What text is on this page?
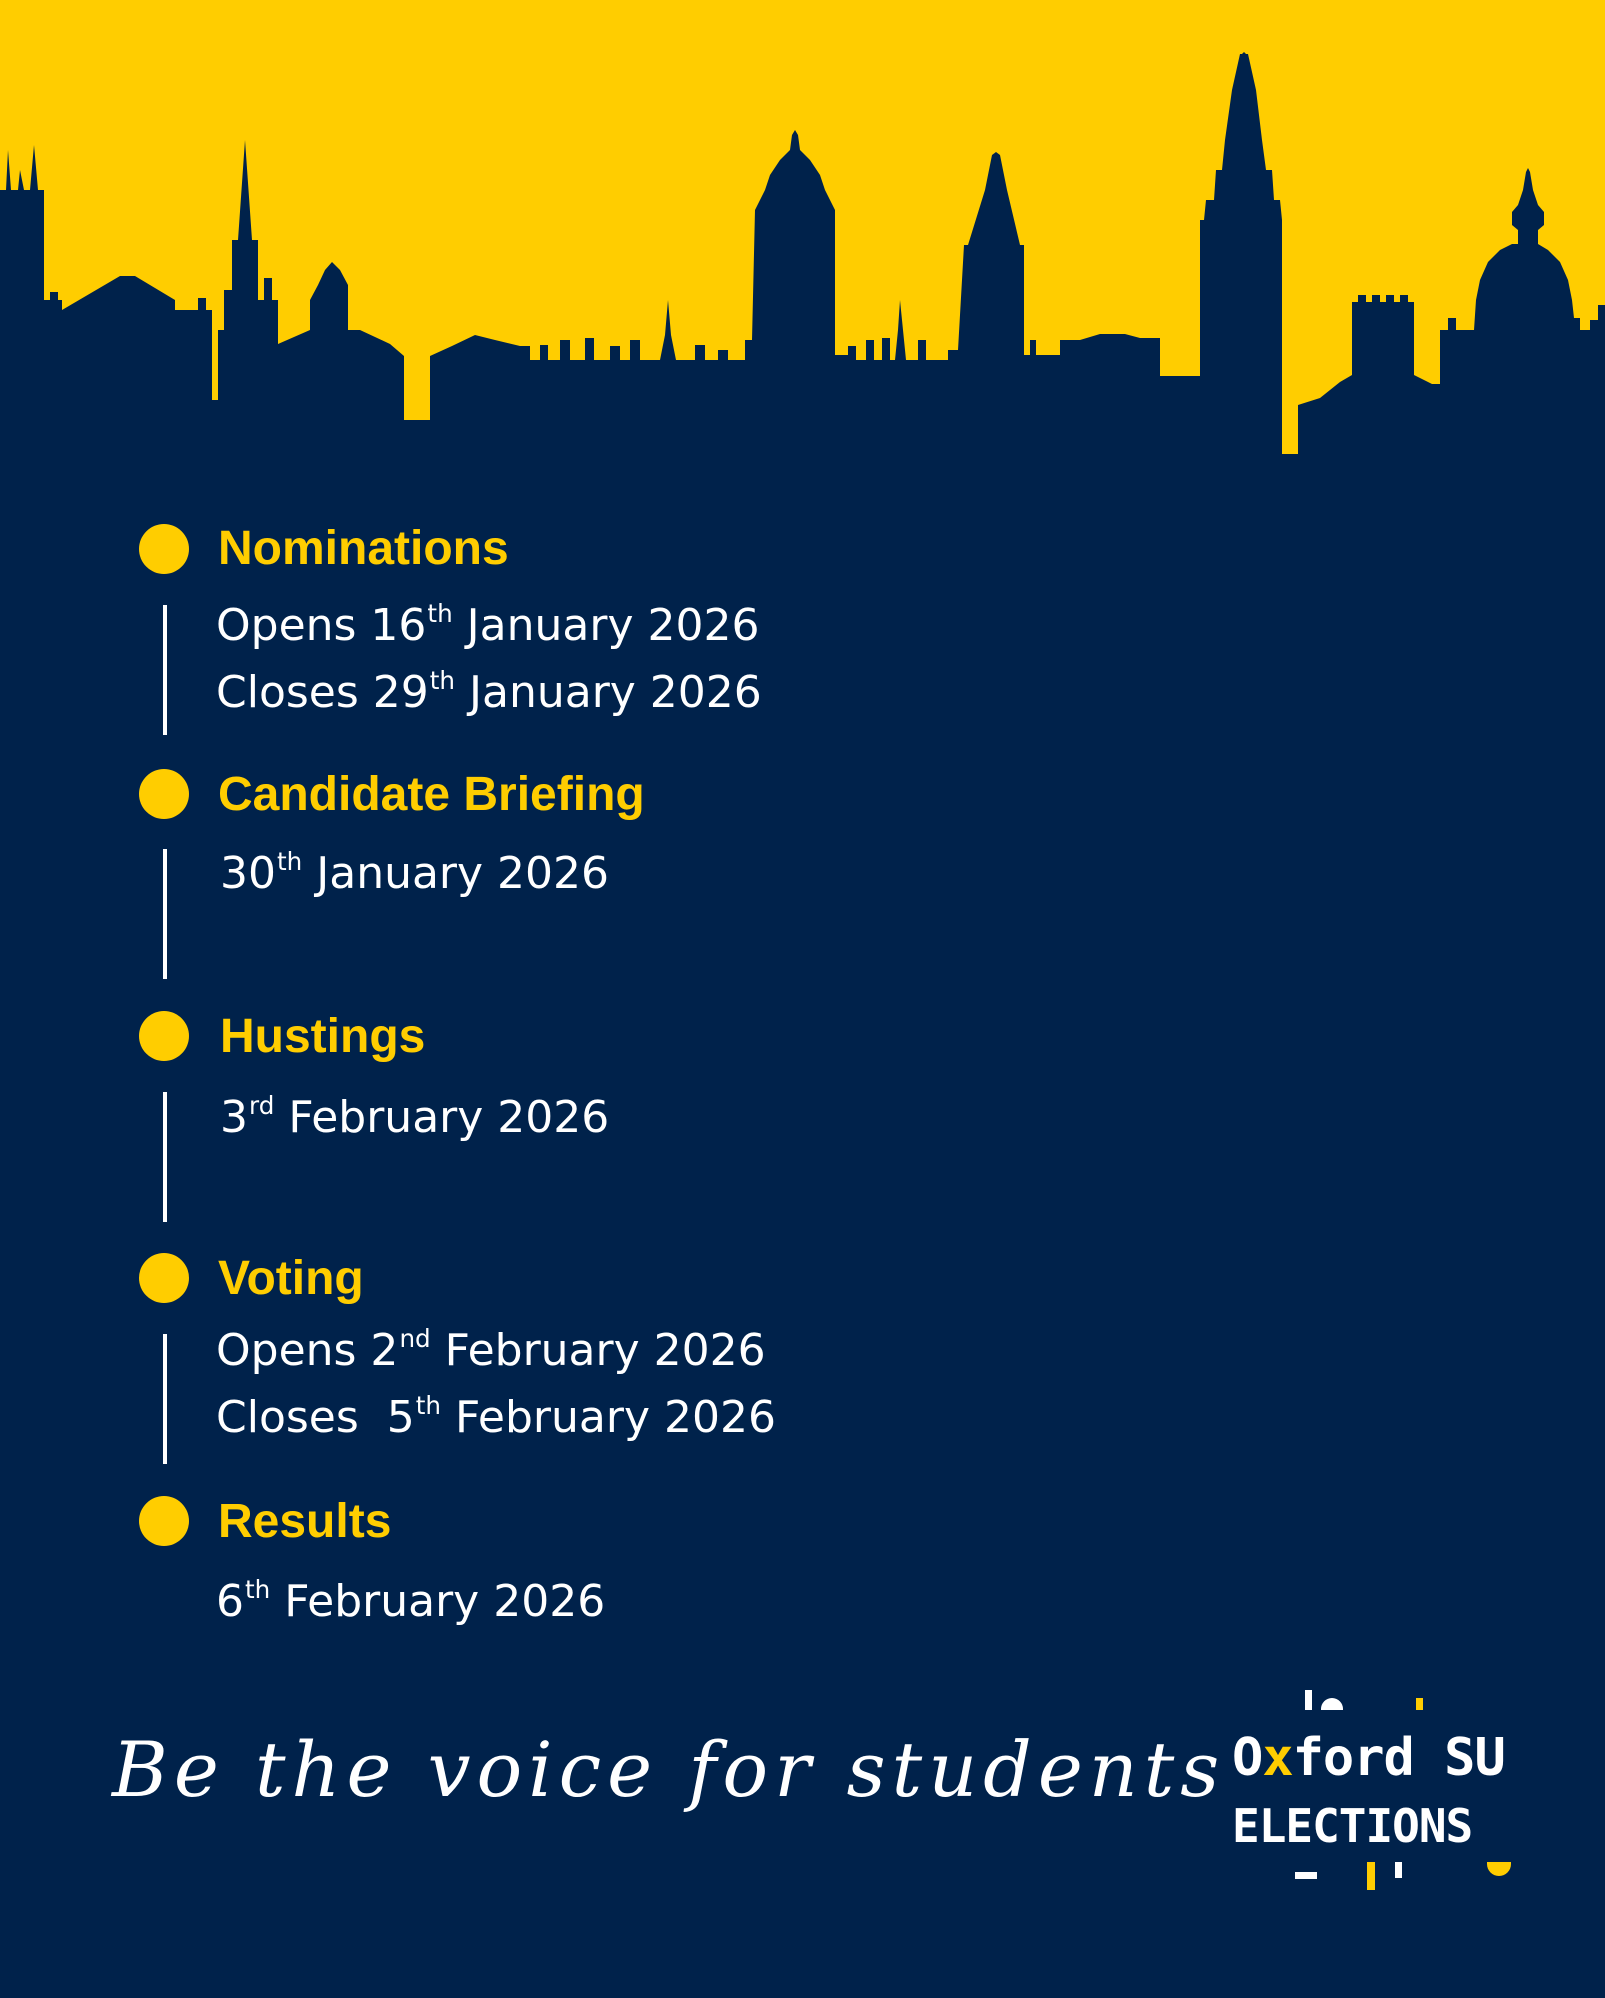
Nominations

Opens 16th January 2026

Closes 29th January 2026

Candidate Briefing

30th January 2026

Hustings

3rd February 2026

Voting

Opens 2nd February 2026

Closes  5th February 2026

Results

6th February 2026

Be the voice for students Oxford SU

ELECTIONS
